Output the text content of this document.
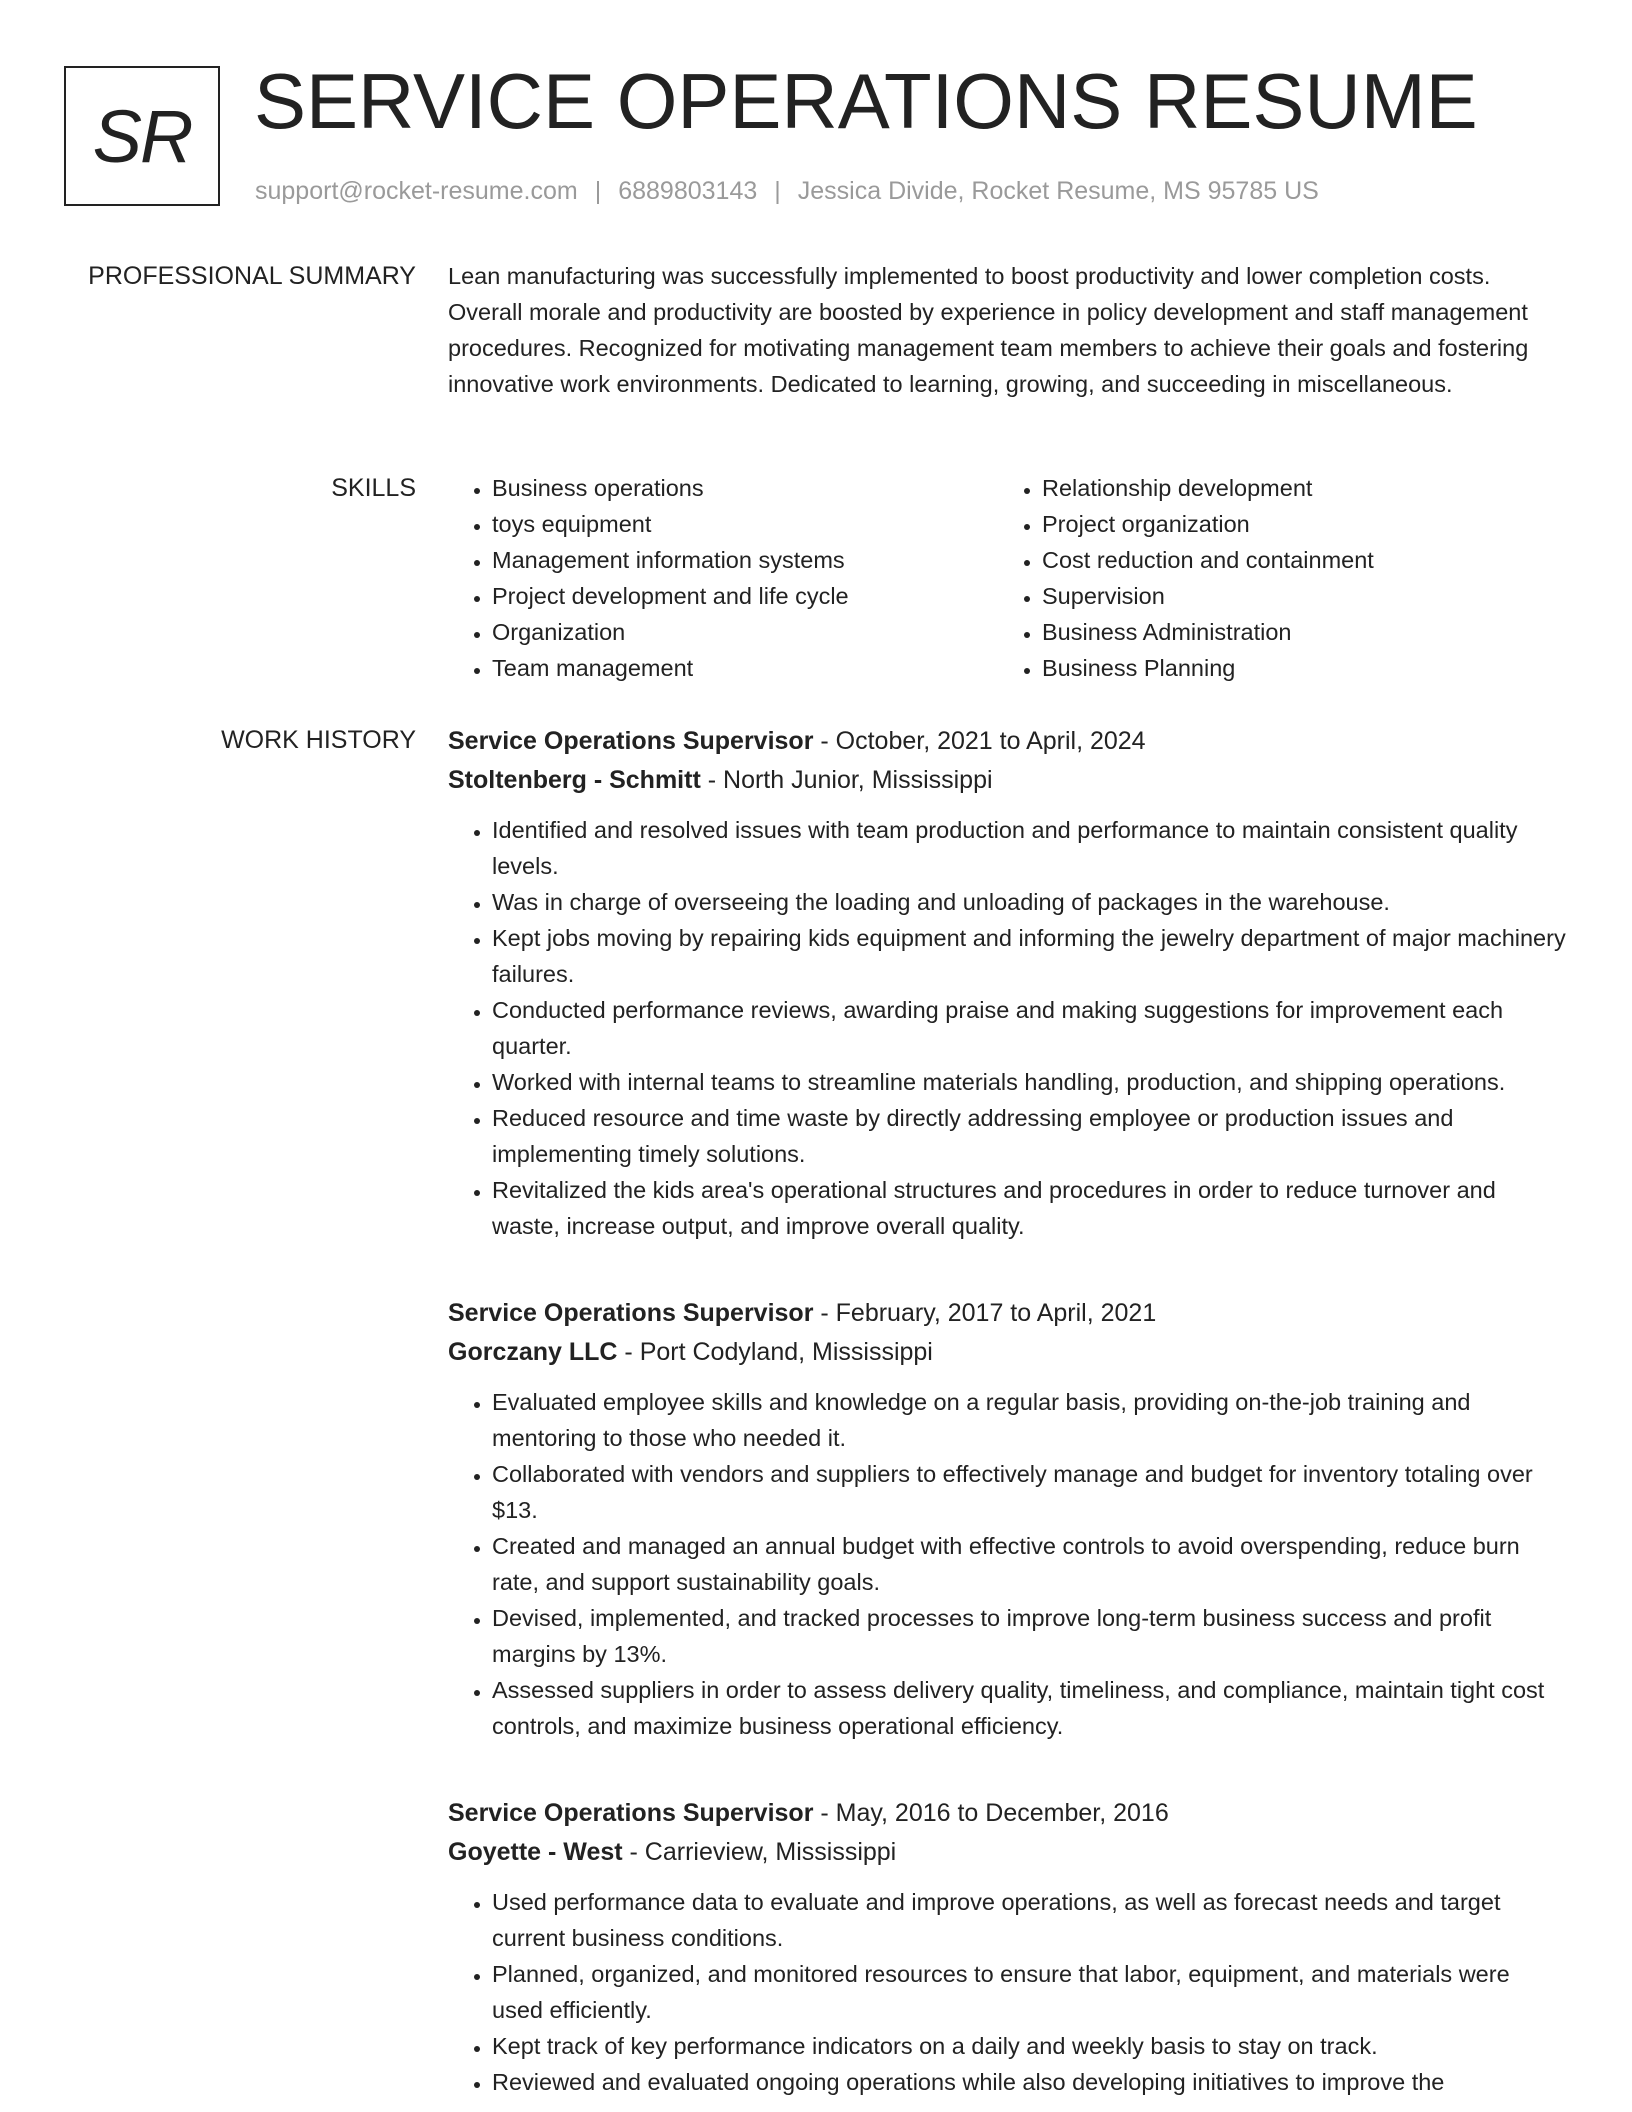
SR SERVICE OPERATIONS RESUME
support@rocket-resume.com | 6889803143 | Jessica Divide, Rocket Resume, MS 95785 US
PROFESSIONAL SUMMARY Lean manufacturing was successfully implemented to boost productivity and lower completion costs. Overall morale and productivity are boosted by experience in policy development and staff management procedures. Recognized for motivating management team members to achieve their goals and fostering innovative work environments. Dedicated to learning, growing, and succeeding in miscellaneous.

SKILLS
•	Business operations
• toys equipment
• Management information systems
• Project development and life cycle
• Organization
• Team management
• Relationship development
• Project organization
• Cost reduction and containment
• Supervision
• Business Administration
• Business Planning
WORK HISTORY Service Operations Supervisor - October, 2021 to April, 2024
Stoltenberg - Schmitt - North Junior, Mississippi
• Identified and resolved issues with team production and performance to maintain consistent quality levels.
• Was in charge of overseeing the loading and unloading of packages in the warehouse.
• Kept jobs moving by repairing kids equipment and informing the jewelry department of major machinery failures.
• Conducted performance reviews, awarding praise and making suggestions for improvement each quarter.
• Worked with internal teams to streamline materials handling, production, and shipping operations.
• Reduced resource and time waste by directly addressing employee or production issues and implementing timely solutions.
• Revitalized the kids area's operational structures and procedures in order to reduce turnover and waste, increase output, and improve overall quality.
Service Operations Supervisor - February, 2017 to April, 2021
Gorczany LLC - Port Codyland, Mississippi
• Evaluated employee skills and knowledge on a regular basis, providing on-the-job training and mentoring to those who needed it.
• Collaborated with vendors and suppliers to effectively manage and budget for inventory totaling over $13.
• Created and managed an annual budget with effective controls to avoid overspending, reduce burn rate, and support sustainability goals.
• Devised, implemented, and tracked processes to improve long-term business success and profit margins by 13%.
• Assessed suppliers in order to assess delivery quality, timeliness, and compliance, maintain tight cost controls, and maximize business operational efficiency.
Service Operations Supervisor - May, 2016 to December, 2016
Goyette - West - Carrieview, Mississippi
• Used performance data to evaluate and improve operations, as well as forecast needs and target current business conditions.
• Planned, organized, and monitored resources to ensure that labor, equipment, and materials were used efficiently.
• Kept track of key performance indicators on a daily and weekly basis to stay on track.
• Reviewed and evaluated ongoing operations while also developing initiatives to improve the
